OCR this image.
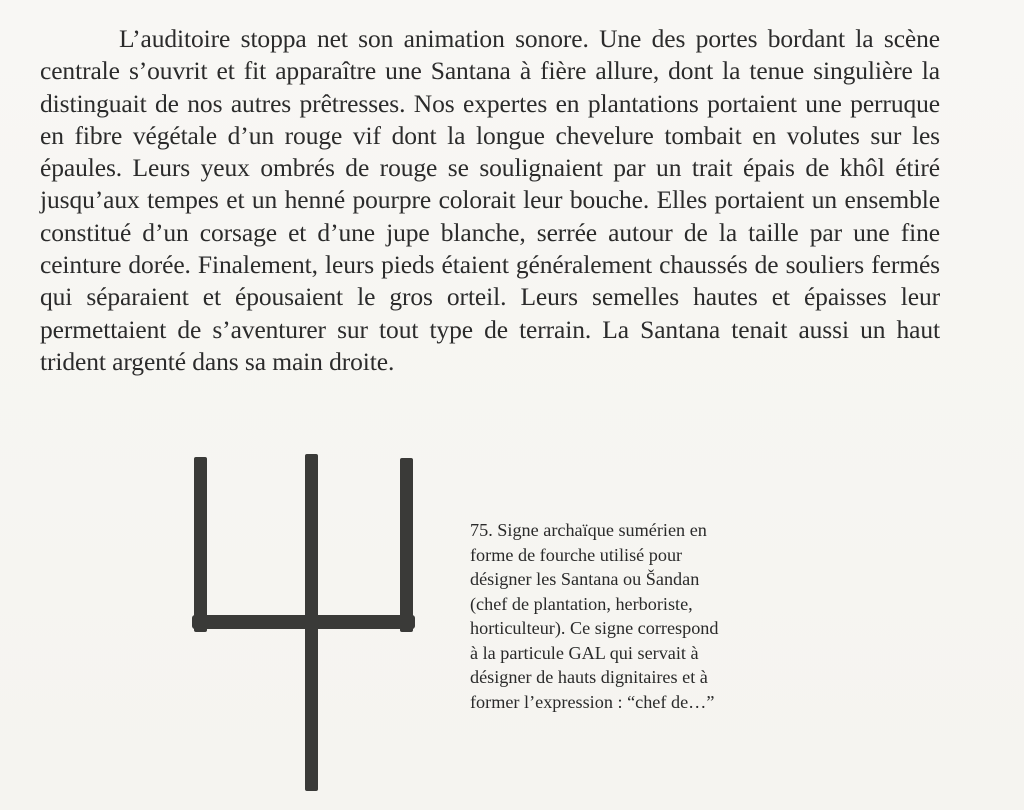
L’auditoire stoppa net son animation sonore. Une des portes bordant la scène centrale s’ouvrit et fit apparaître une Santana à fière allure, dont la tenue singulière la distinguait de nos autres prêtresses. Nos expertes en plantations portaient une perruque en fibre végétale d’un rouge vif dont la longue chevelure tombait en volutes sur les épaules. Leurs yeux ombrés de rouge se soulignaient par un trait épais de khôl étiré jusqu’aux tempes et un henné pourpre colorait leur bouche. Elles portaient un ensemble constitué d’un corsage et d’une jupe blanche, serrée autour de la taille par une fine ceinture dorée. Finalement, leurs pieds étaient généralement chaussés de souliers fermés qui séparaient et épousaient le gros orteil. Leurs semelles hautes et épaisses leur permettaient de s’aventurer sur tout type de terrain. La Santana tenait aussi un haut trident argenté dans sa main droite.

75. Signe archaïque sumérien en
forme de fourche utilisé pour
désigner les Santana ou Šandan
(chef de plantation, herboriste,
horticulteur). Ce signe correspond
à la particule GAL qui servait à
désigner de hauts dignitaires et à
former l’expression : “chef de…”
